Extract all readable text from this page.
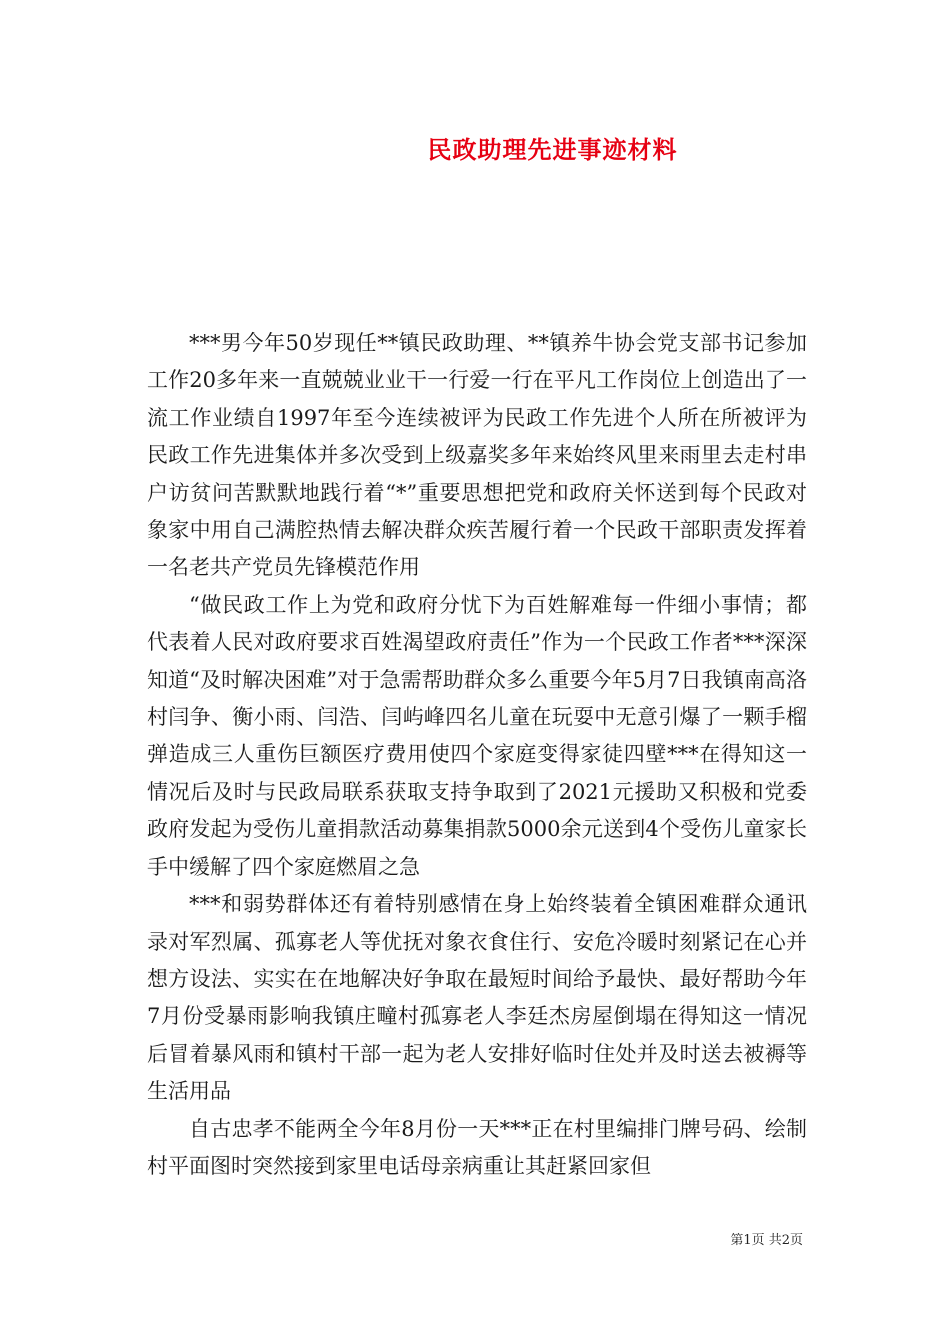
民政助理先进事迹材料

***男今年50岁现任**镇民政助理、**镇养牛协会党支部书记参加工作20多年来一直兢兢业业干一行爱一行在平凡工作岗位上创造出了一流工作业绩自1997年至今连续被评为民政工作先进个人所在所被评为民政工作先进集体并多次受到上级嘉奖多年来始终风里来雨里去走村串户访贫问苦默默地践行着“*”重要思想把党和政府关怀送到每个民政对象家中用自己满腔热情去解决群众疾苦履行着一个民政干部职责发挥着一名老共产党员先锋模范作用

“做民政工作上为党和政府分忧下为百姓解难每一件细小事情；都代表着人民对政府要求百姓渴望政府责任”作为一个民政工作者***深深知道“及时解决困难”对于急需帮助群众多么重要今年5月7日我镇南高洛村闫争、衡小雨、闫浩、闫屿峰四名儿童在玩耍中无意引爆了一颗手榴弹造成三人重伤巨额医疗费用使四个家庭变得家徒四壁***在得知这一情况后及时与民政局联系获取支持争取到了2021元援助又积极和党委政府发起为受伤儿童捐款活动募集捐款5000余元送到4个受伤儿童家长手中缓解了四个家庭燃眉之急

***和弱势群体还有着特别感情在身上始终装着全镇困难群众通讯录对军烈属、孤寡老人等优抚对象衣食住行、安危冷暖时刻紧记在心并想方设法、实实在在地解决好争取在最短时间给予最快、最好帮助今年7月份受暴雨影响我镇庄疃村孤寡老人李廷杰房屋倒塌在得知这一情况后冒着暴风雨和镇村干部一起为老人安排好临时住处并及时送去被褥等生活用品

自古忠孝不能两全今年8月份一天***正在村里编排门牌号码、绘制村平面图时突然接到家里电话母亲病重让其赶紧回家但

第1页 共2页
